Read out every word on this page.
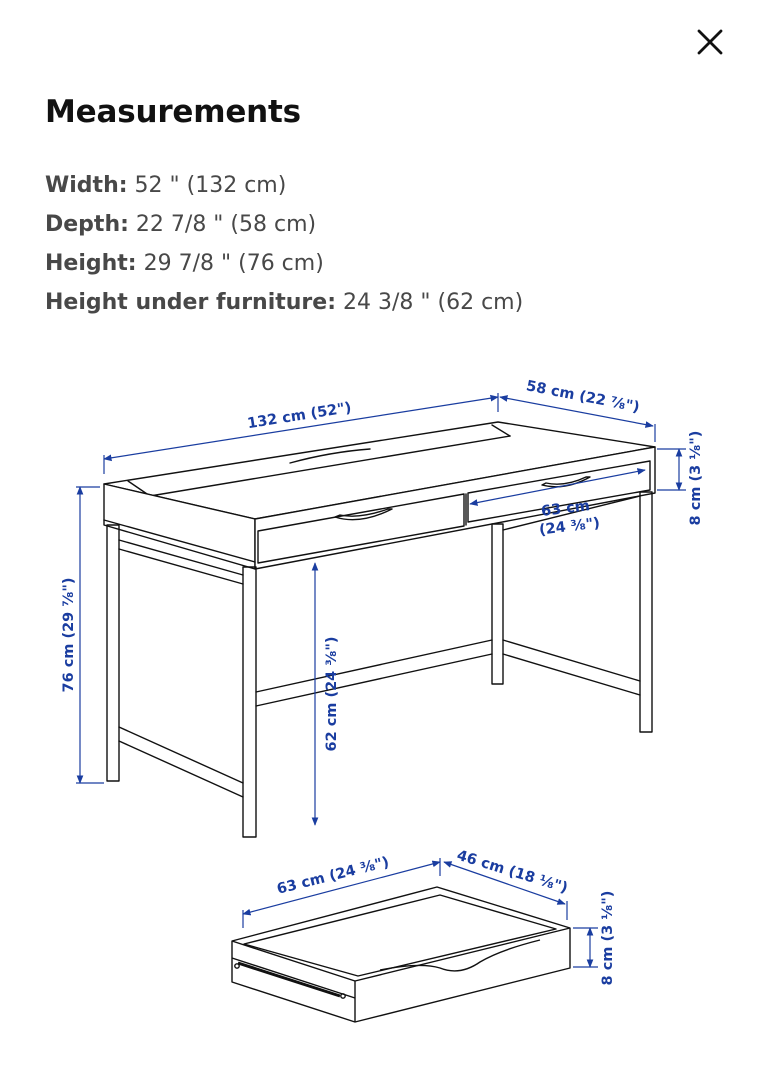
Measurements
Width: 52 " (132 cm)
Depth: 22 7/8 " (58 cm)
Height: 29 7/8 " (76 cm)
Height under furniture: 24 3/8 " (62 cm)
132 cm (52")
58 cm (22 ⅞")
8 cm (3 ⅛")
63 cm
(24 ⅜")
76 cm (29 ⅞")
62 cm (24 ⅜")
63 cm (24 ⅜")	46 cm (18 ⅛")
8 cm (3 ⅛")
